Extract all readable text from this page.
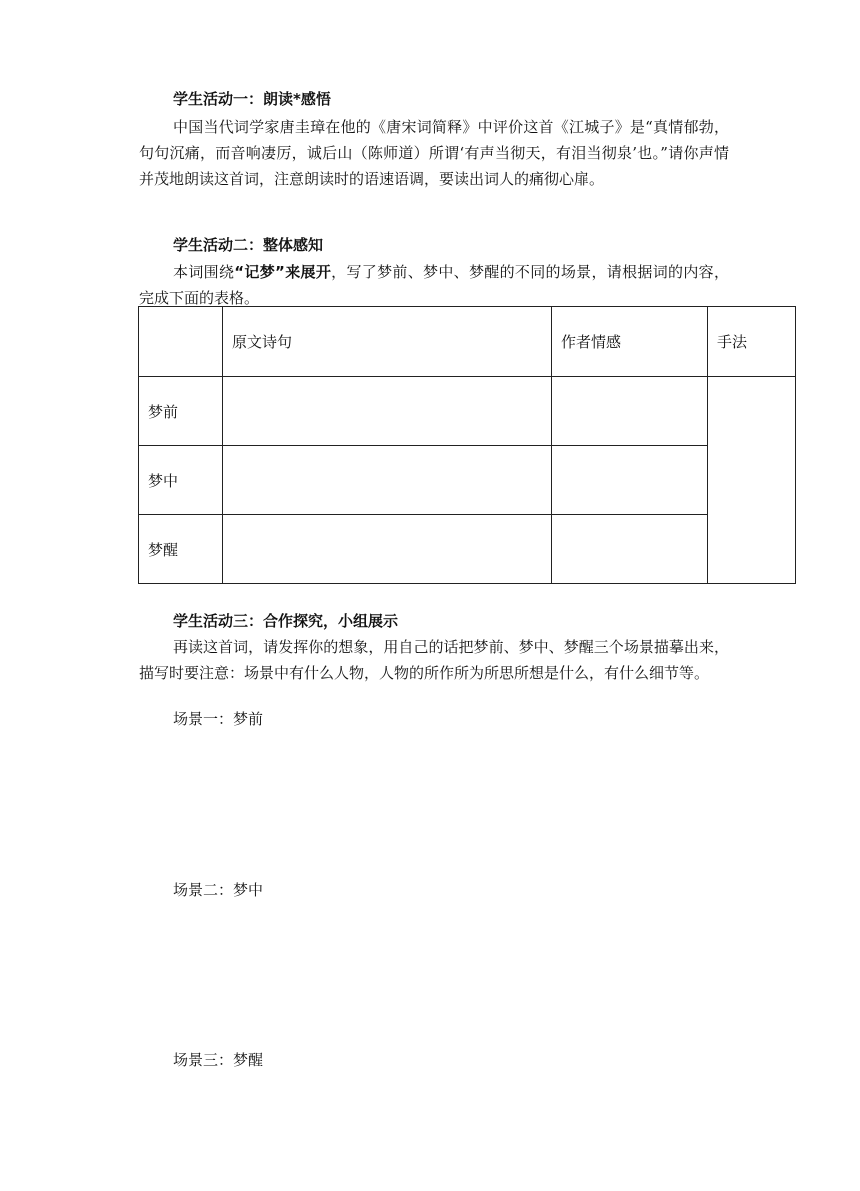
学生活动一：朗读*感悟

中国当代词学家唐圭璋在他的《唐宋词简释》中评价这首《江城子》是“真情郁勃，句句沉痛，而音响凄厉，诚后山（陈师道）所谓‘有声当彻天，有泪当彻泉’也。”请你声情并茂地朗读这首词，注意朗读时的语速语调，要读出词人的痛彻心扉。

学生活动二：整体感知

本词围绕“记梦”来展开，写了梦前、梦中、梦醒的不同的场景，请根据词的内容，完成下面的表格。

	原文诗句	作者情感	手法
梦前			
梦中			
梦醒			
学生活动三：合作探究，小组展示

再读这首词，请发挥你的想象，用自己的话把梦前、梦中、梦醒三个场景描摹出来，描写时要注意：场景中有什么人物，人物的所作所为所思所想是什么，有什么细节等。

场景一：梦前
场景二：梦中
场景三：梦醒
